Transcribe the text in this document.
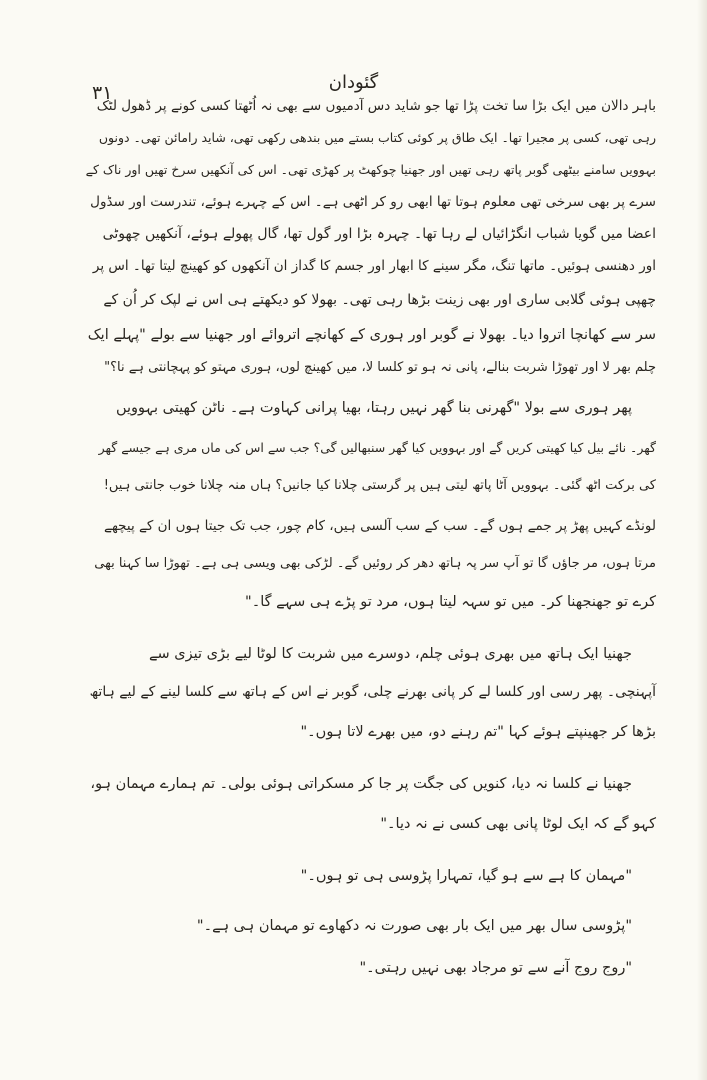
گئودان
۳۱
باہر دالان میں ایک بڑا سا تخت پڑا تھا جو شاید دس آدمیوں سے بھی نہ اُٹھتا کسی کونے پر ڈھول لٹک
رہی تھی، کسی پر مجیرا تھا۔ ایک طاق پر کوئی کتاب بستے میں بندھی رکھی تھی، شاید رامائن تھی۔ دونوں
بہوویں سامنے بیٹھی گوبر پاتھ رہی تھیں اور جھنیا چوکھٹ پر کھڑی تھی۔ اس کی آنکھیں سرخ تھیں اور ناک کے
سرے پر بھی سرخی تھی معلوم ہوتا تھا ابھی رو کر اٹھی ہے۔ اس کے چہرے ہوئے، تندرست اور سڈول
اعضا میں گویا شباب انگڑائیاں لے رہا تھا۔ چہرہ بڑا اور گول تھا، گال پھولے ہوئے، آنکھیں چھوٹی
اور دھنسی ہوئیں۔ ماتھا تنگ، مگر سینے کا ابھار اور جسم کا گداز ان آنکھوں کو کھینچ لیتا تھا۔ اس پر
چھپی ہوئی گلابی ساری اور بھی زینت بڑھا رہی تھی۔ بھولا کو دیکھتے ہی اس نے لپک کر اُن کے
سر سے کھانچا اتروا دیا۔ بھولا نے گوبر اور ہوری کے کھانچے اتروائے اور جھنیا سے بولے "پہلے ایک
چلم بھر لا اور تھوڑا شربت بنالے، پانی نہ ہو تو کلسا لا، میں کھینچ لوں، ہوری مہتو کو پہچانتی ہے نا؟"
پھر ہوری سے بولا "گھرنی بنا گھر نہیں رہتا، بھیا پرانی کہاوت ہے۔ ناٹن کھیتی بہوویں
گھر۔ نائے بیل کیا کھیتی کریں گے اور بہوویں کیا گھر سنبھالیں گی؟ جب سے اس کی ماں مری ہے جیسے گھر
کی برکت اٹھ گئی۔ بہوویں آٹا پاتھ لیتی ہیں پر گرستی چلانا کیا جانیں؟ ہاں منہ چلانا خوب جانتی ہیں!
لونڈے کہیں پھڑ پر جمے ہوں گے۔ سب کے سب آلسی ہیں، کام چور، جب تک جیتا ہوں ان کے پیچھے
مرتا ہوں، مر جاؤں گا تو آپ سر پہ ہاتھ دھر کر روئیں گے۔ لڑکی بھی ویسی ہی ہے۔ تھوڑا سا کہنا بھی
کرے تو جھنجھنا کر۔ میں تو سہہ لیتا ہوں، مرد تو پڑے ہی سہے گا۔"
جھنیا ایک ہاتھ میں بھری ہوئی چلم، دوسرے میں شربت کا لوٹا لیے بڑی تیزی سے
آپہنچی۔ پھر رسی اور کلسا لے کر پانی بھرنے چلی، گوبر نے اس کے ہاتھ سے کلسا لینے کے لیے ہاتھ
بڑھا کر جھینپتے ہوئے کہا "تم رہنے دو، میں بھرے لاتا ہوں۔"
جھنیا نے کلسا نہ دیا، کنویں کی جگت پر جا کر مسکراتی ہوئی بولی۔ تم ہمارے مہمان ہو،
کہو گے کہ ایک لوٹا پانی بھی کسی نے نہ دیا۔"
"مہمان کا ہے سے ہو گیا، تمہارا پڑوسی ہی تو ہوں۔"
"پڑوسی سال بھر میں ایک بار بھی صورت نہ دکھاوے تو مہمان ہی ہے۔"
"روج روج آنے سے تو مرجاد بھی نہیں رہتی۔"
